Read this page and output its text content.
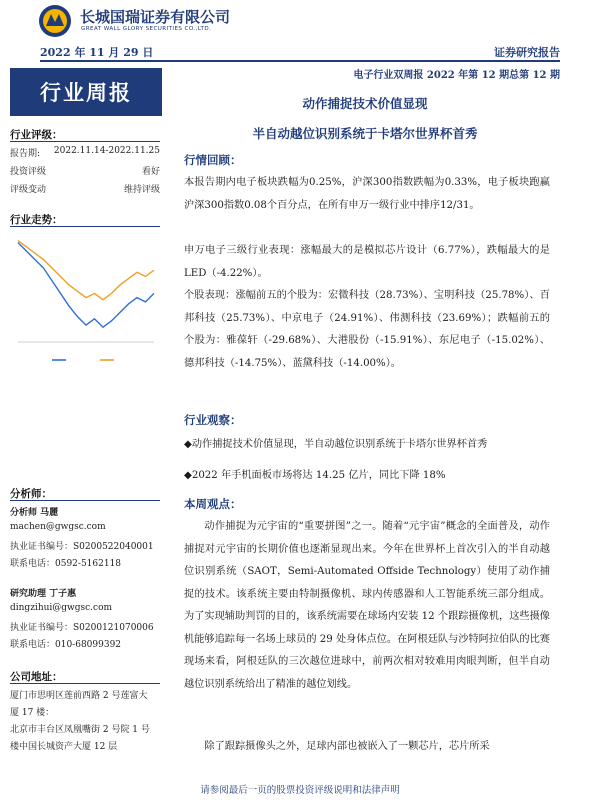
长城国瑞证券有限公司
GREAT WALL GLORY SECURITIES CO.,LTD.
2022 年 11 月 29 日	证券研究报告
电子行业双周报 2022 年第 12 期总第 12 期
行业周报
行业评级：
报告期: 2022.11.14-2022.11.25
投资评级	看好
评级变动	维持评级
行业走势：
分析师：
分析师 马麗
machen@gwgsc.com
执业证书编号：S0200522040001
联系电话：0592-5162118
研究助理 丁子惠
dingzihui@gwgsc.com
执业证书编号：S0200121070006
联系电话：010-68099392
公司地址：
厦门市思明区莲前西路 2 号莲富大
厦 17 楼：
北京市丰台区凤凰嘴街 2 号院 1 号
楼中国长城资产大厦 12 层
动作捕捉技术价值显现
半自动越位识别系统于卡塔尔世界杯首秀
行情回顾：
本报告期内电子板块跌幅为0.25%，沪深300指数跌幅为0.33%，电子板块跑赢沪深300指数0.08个百分点，在所有申万一级行业中排序12/31。
申万电子三级行业表现：涨幅最大的是模拟芯片设计（6.77%），跌幅最大的是LED（-4.22%）。
个股表现：涨幅前五的个股为：宏微科技（28.73%）、宝明科技（25.78%）、百邦科技（25.73%）、中京电子（24.91%）、伟测科技（23.69%）；跌幅前五的个股为：雅葆轩（-29.68%）、大港股份（-15.91%）、东尼电子（-15.02%）、德邦科技（-14.75%）、蓝黛科技（-14.00%）。
行业观察：
◆动作捕捉技术价值显现，半自动越位识别系统于卡塔尔世界杯首秀
◆2022 年手机面板市场将达 14.25 亿片，同比下降 18%
本周观点：
动作捕捉为元宇宙的“重要拼图”之一。随着“元宇宙”概念的全面普及，动作捕捉对元宇宙的长期价值也逐渐显现出来。今年在世界杯上首次引入的半自动越位识别系统（SAOT，Semi-Automated Offside Technology）使用了动作捕捉的技术。该系统主要由特制摄像机、球内传感器和人工智能系统三部分组成。为了实现辅助判罚的目的，该系统需要在球场内安装 12 个跟踪摄像机，这些摄像机能够追踪每一名场上球员的 29 处身体点位。在阿根廷队与沙特阿拉伯队的比赛现场来看，阿根廷队的三次越位进球中，前两次相对较难用肉眼判断，但半自动越位识别系统给出了精准的越位划线。
除了跟踪摄像头之外，足球内部也被嵌入了一颗芯片，芯片所采
请参阅最后一页的股票投资评级说明和法律声明
